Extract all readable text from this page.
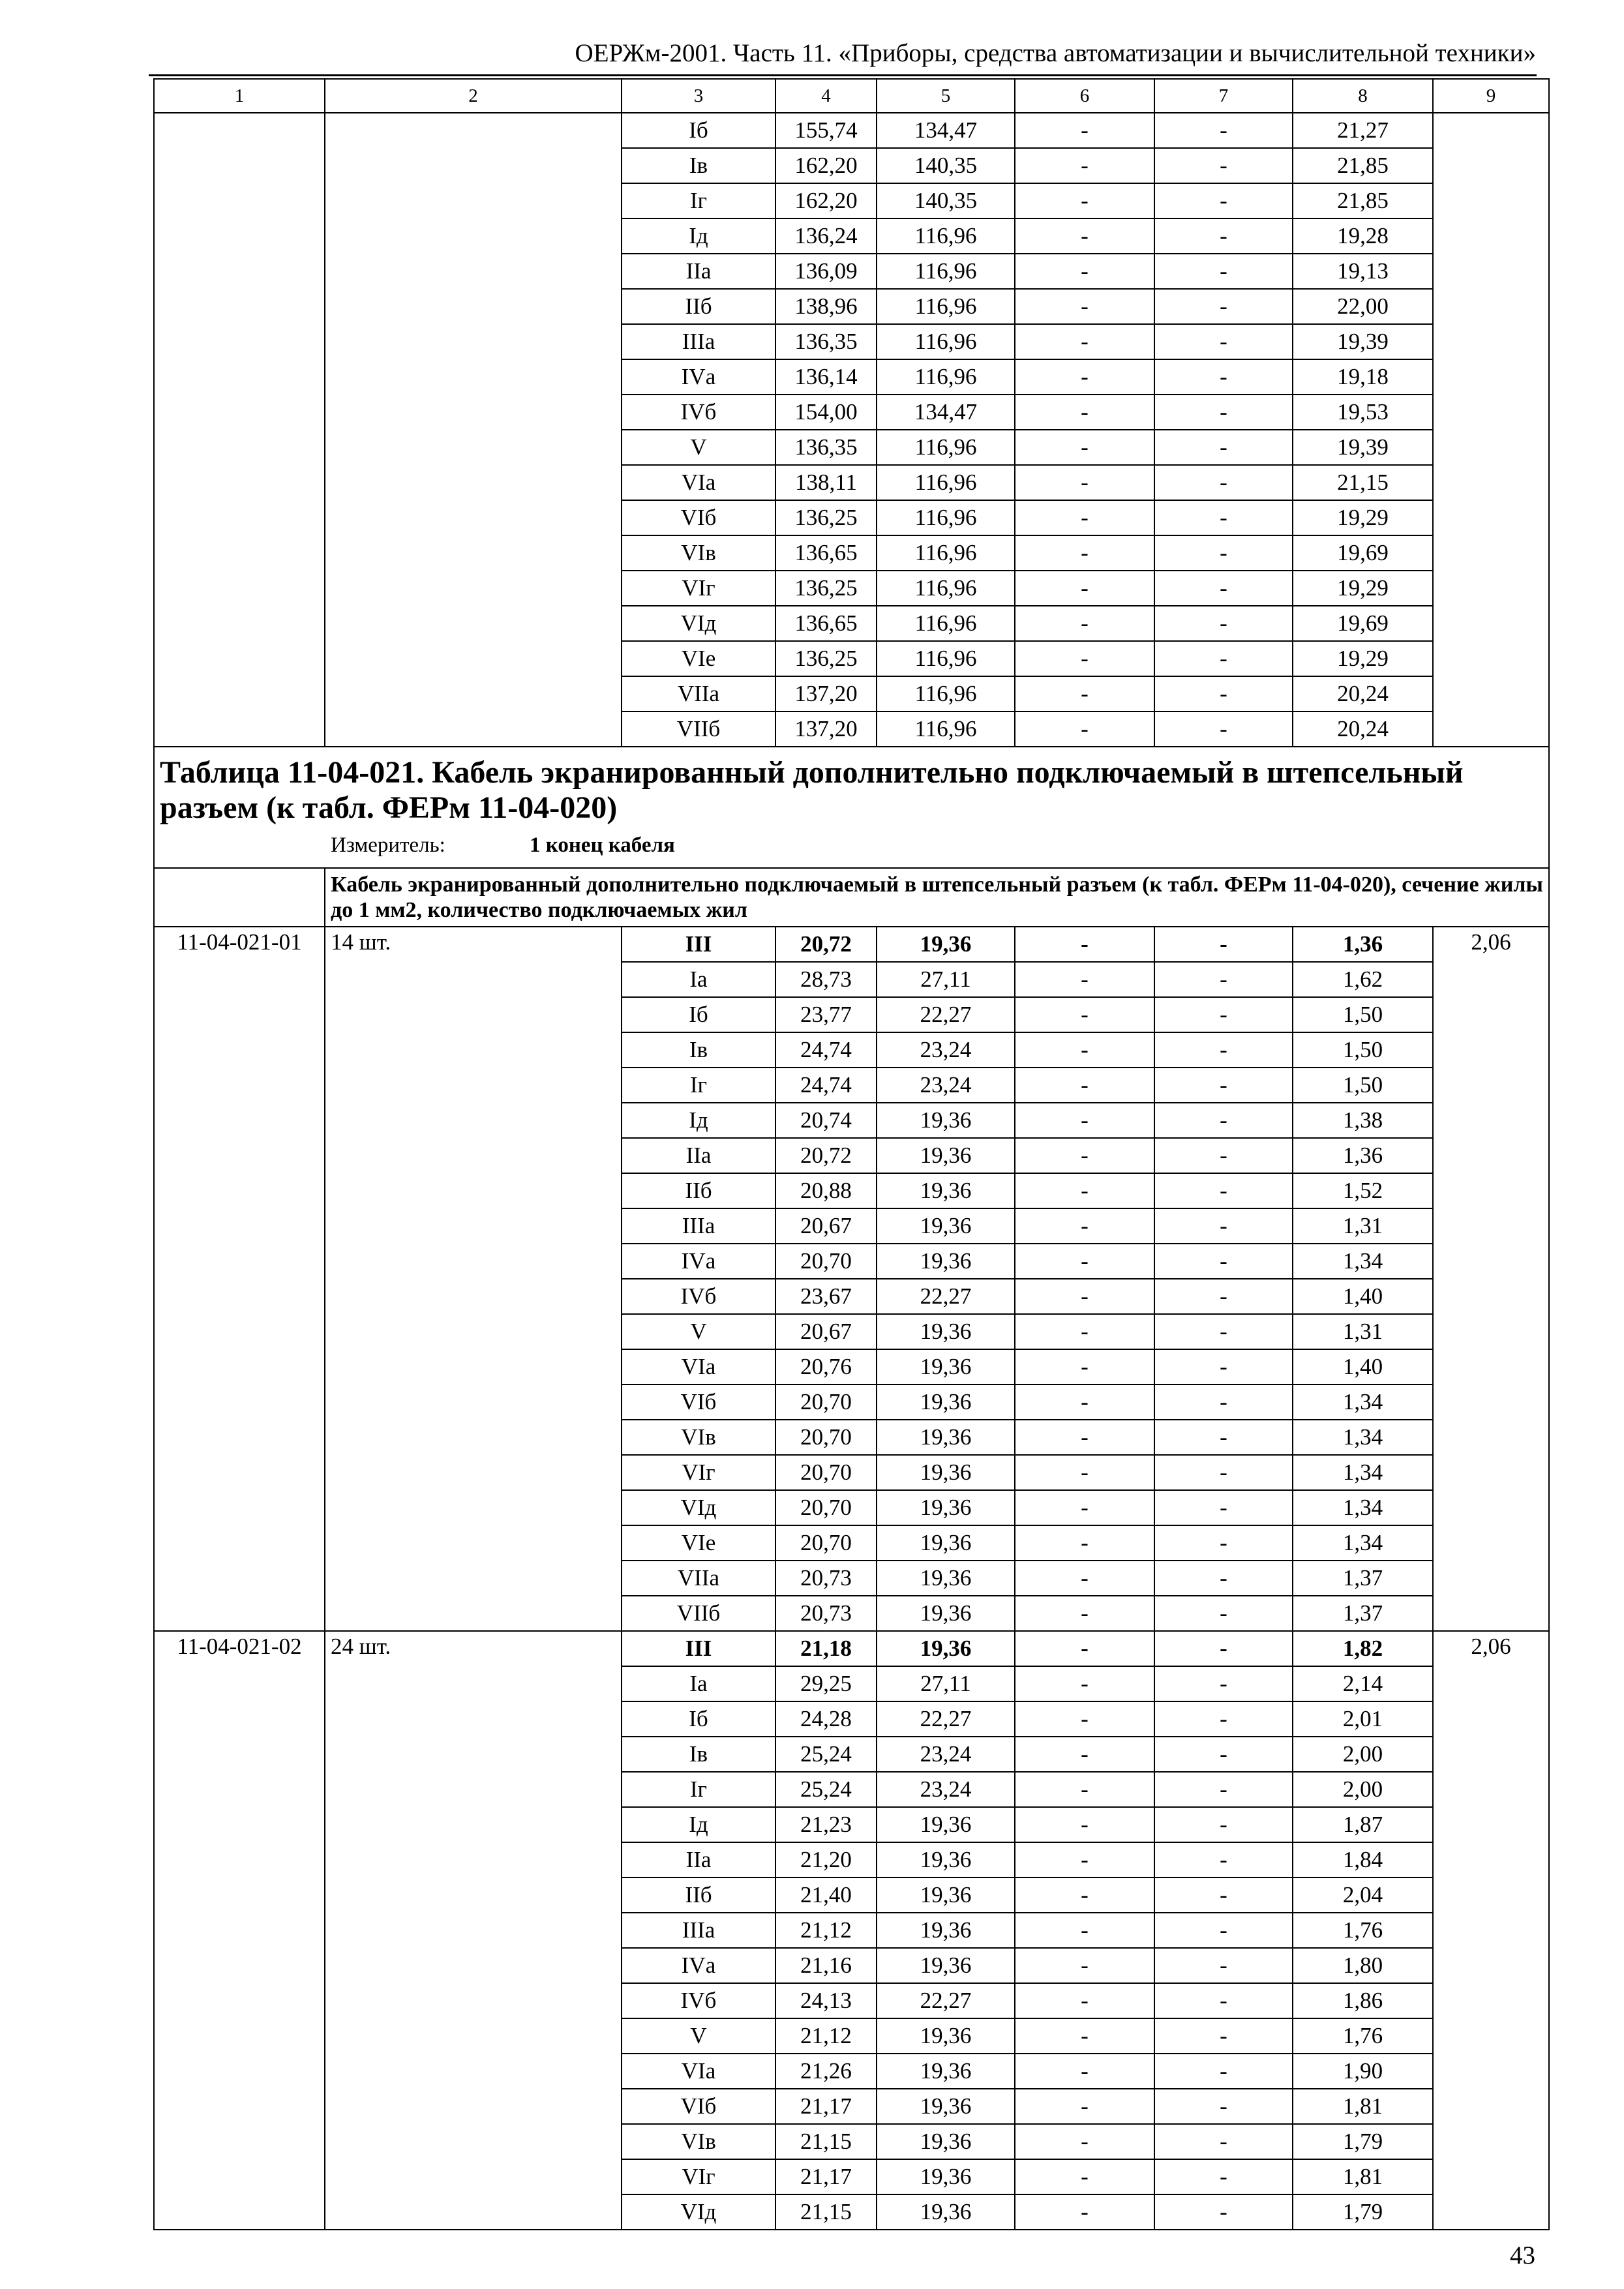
ОЕРЖм-2001. Часть 11. «Приборы, средства автоматизации и вычислительной техники»
1	2	3	4	5	6	7	8	9
		Iб	155,74	134,47	-	-	21,27	
		Iв	162,20	140,35	-	-	21,85	
		Iг	162,20	140,35	-	-	21,85	
		Iд	136,24	116,96	-	-	19,28	
		IIа	136,09	116,96	-	-	19,13	
		IIб	138,96	116,96	-	-	22,00	
		IIIа	136,35	116,96	-	-	19,39	
		IVа	136,14	116,96	-	-	19,18	
		IVб	154,00	134,47	-	-	19,53	
		V	136,35	116,96	-	-	19,39	
		VIа	138,11	116,96	-	-	21,15	
		VIб	136,25	116,96	-	-	19,29	
		VIв	136,65	116,96	-	-	19,69	
		VIг	136,25	116,96	-	-	19,29	
		VIд	136,65	116,96	-	-	19,69	
		VIе	136,25	116,96	-	-	19,29	
		VIIа	137,20	116,96	-	-	20,24	
		VIIб	137,20	116,96	-	-	20,24	

Таблица 11-04-021. Кабель экранированный дополнительно подключаемый в штепсельный разъем (к табл. ФЕРм 11-04-020)
Измеритель: 1 конец кабеля								

	Кабель экранированный дополнительно подключаемый в штепсельный разъем (к табл. ФЕРм 11-04-020), сечение жилы до 1 мм2, количество подключаемых жил							
11-04-021-01	14 шт.	III	20,72	19,36	-	-	1,36	2,06
		Iа	28,73	27,11	-	-	1,62	
		Iб	23,77	22,27	-	-	1,50	
		Iв	24,74	23,24	-	-	1,50	
		Iг	24,74	23,24	-	-	1,50	
		Iд	20,74	19,36	-	-	1,38	
		IIа	20,72	19,36	-	-	1,36	
		IIб	20,88	19,36	-	-	1,52	
		IIIа	20,67	19,36	-	-	1,31	
		IVа	20,70	19,36	-	-	1,34	
		IVб	23,67	22,27	-	-	1,40	
		V	20,67	19,36	-	-	1,31	
		VIа	20,76	19,36	-	-	1,40	
		VIб	20,70	19,36	-	-	1,34	
		VIв	20,70	19,36	-	-	1,34	
		VIг	20,70	19,36	-	-	1,34	
		VIд	20,70	19,36	-	-	1,34	
		VIе	20,70	19,36	-	-	1,34	
		VIIа	20,73	19,36	-	-	1,37	
		VIIб	20,73	19,36	-	-	1,37	
11-04-021-02	24 шт.	III	21,18	19,36	-	-	1,82	2,06
		Iа	29,25	27,11	-	-	2,14	
		Iб	24,28	22,27	-	-	2,01	
		Iв	25,24	23,24	-	-	2,00	
		Iг	25,24	23,24	-	-	2,00	
		Iд	21,23	19,36	-	-	1,87	
		IIа	21,20	19,36	-	-	1,84	
		IIб	21,40	19,36	-	-	2,04	
		IIIа	21,12	19,36	-	-	1,76	
		IVа	21,16	19,36	-	-	1,80	
		IVб	24,13	22,27	-	-	1,86	
		V	21,12	19,36	-	-	1,76	
		VIа	21,26	19,36	-	-	1,90	
		VIб	21,17	19,36	-	-	1,81	
		VIв	21,15	19,36	-	-	1,79	
		VIг	21,17	19,36	-	-	1,81	
		VIд	21,15	19,36	-	-	1,79	
43
